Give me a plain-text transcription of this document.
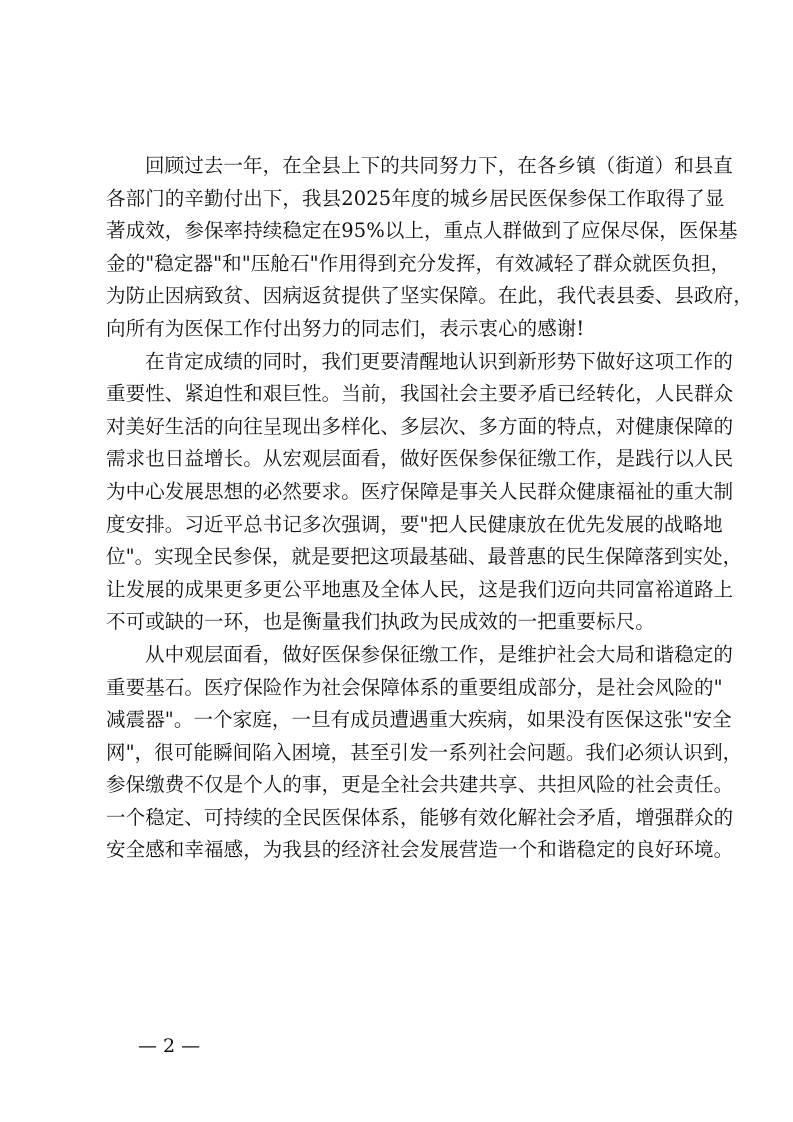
回顾过去一年，在全县上下的共同努力下，在各乡镇（街道）和县直
各部门的辛勤付出下，我县2025年度的城乡居民医保参保工作取得了显
著成效，参保率持续稳定在95%以上，重点人群做到了应保尽保，医保基
金的"稳定器"和"压舱石"作用得到充分发挥，有效减轻了群众就医负担，
为防止因病致贫、因病返贫提供了坚实保障。在此，我代表县委、县政府，
向所有为医保工作付出努力的同志们，表示衷心的感谢!
在肯定成绩的同时，我们更要清醒地认识到新形势下做好这项工作的
重要性、紧迫性和艰巨性。当前，我国社会主要矛盾已经转化，人民群众
对美好生活的向往呈现出多样化、多层次、多方面的特点，对健康保障的
需求也日益增长。从宏观层面看，做好医保参保征缴工作，是践行以人民
为中心发展思想的必然要求。医疗保障是事关人民群众健康福祉的重大制
度安排。习近平总书记多次强调，要"把人民健康放在优先发展的战略地
位"。实现全民参保，就是要把这项最基础、最普惠的民生保障落到实处，
让发展的成果更多更公平地惠及全体人民，这是我们迈向共同富裕道路上
不可或缺的一环，也是衡量我们执政为民成效的一把重要标尺。
从中观层面看，做好医保参保征缴工作，是维护社会大局和谐稳定的
重要基石。医疗保险作为社会保障体系的重要组成部分，是社会风险的"
减震器"。一个家庭，一旦有成员遭遇重大疾病，如果没有医保这张"安全
网"，很可能瞬间陷入困境，甚至引发一系列社会问题。我们必须认识到，
参保缴费不仅是个人的事，更是全社会共建共享、共担风险的社会责任。
一个稳定、可持续的全民医保体系，能够有效化解社会矛盾，增强群众的
安全感和幸福感，为我县的经济社会发展营造一个和谐稳定的良好环境。
— 2 —
